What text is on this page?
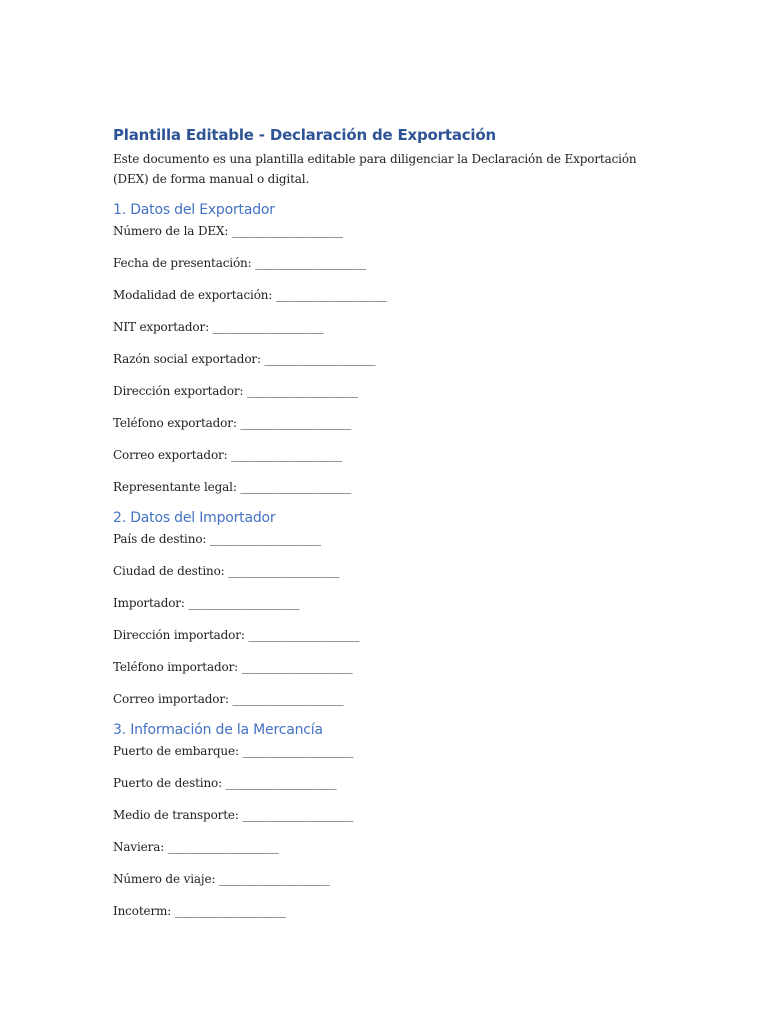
Plantilla Editable - Declaración de Exportación

Este documento es una plantilla editable para diligenciar la Declaración de Exportación
(DEX) de forma manual o digital.

1. Datos del Exportador
Número de la DEX: ______________________
Fecha de presentación: ______________________
Modalidad de exportación: ______________________
NIT exportador: ______________________
Razón social exportador: ______________________
Dirección exportador: ______________________
Teléfono exportador: ______________________
Correo exportador: ______________________
Representante legal: ______________________
2. Datos del Importador
País de destino: ______________________
Ciudad de destino: ______________________
Importador: ______________________
Dirección importador: ______________________
Teléfono importador: ______________________
Correo importador: ______________________
3. Información de la Mercancía
Puerto de embarque: ______________________
Puerto de destino: ______________________
Medio de transporte: ______________________
Naviera: ______________________
Número de viaje: ______________________
Incoterm: ______________________
